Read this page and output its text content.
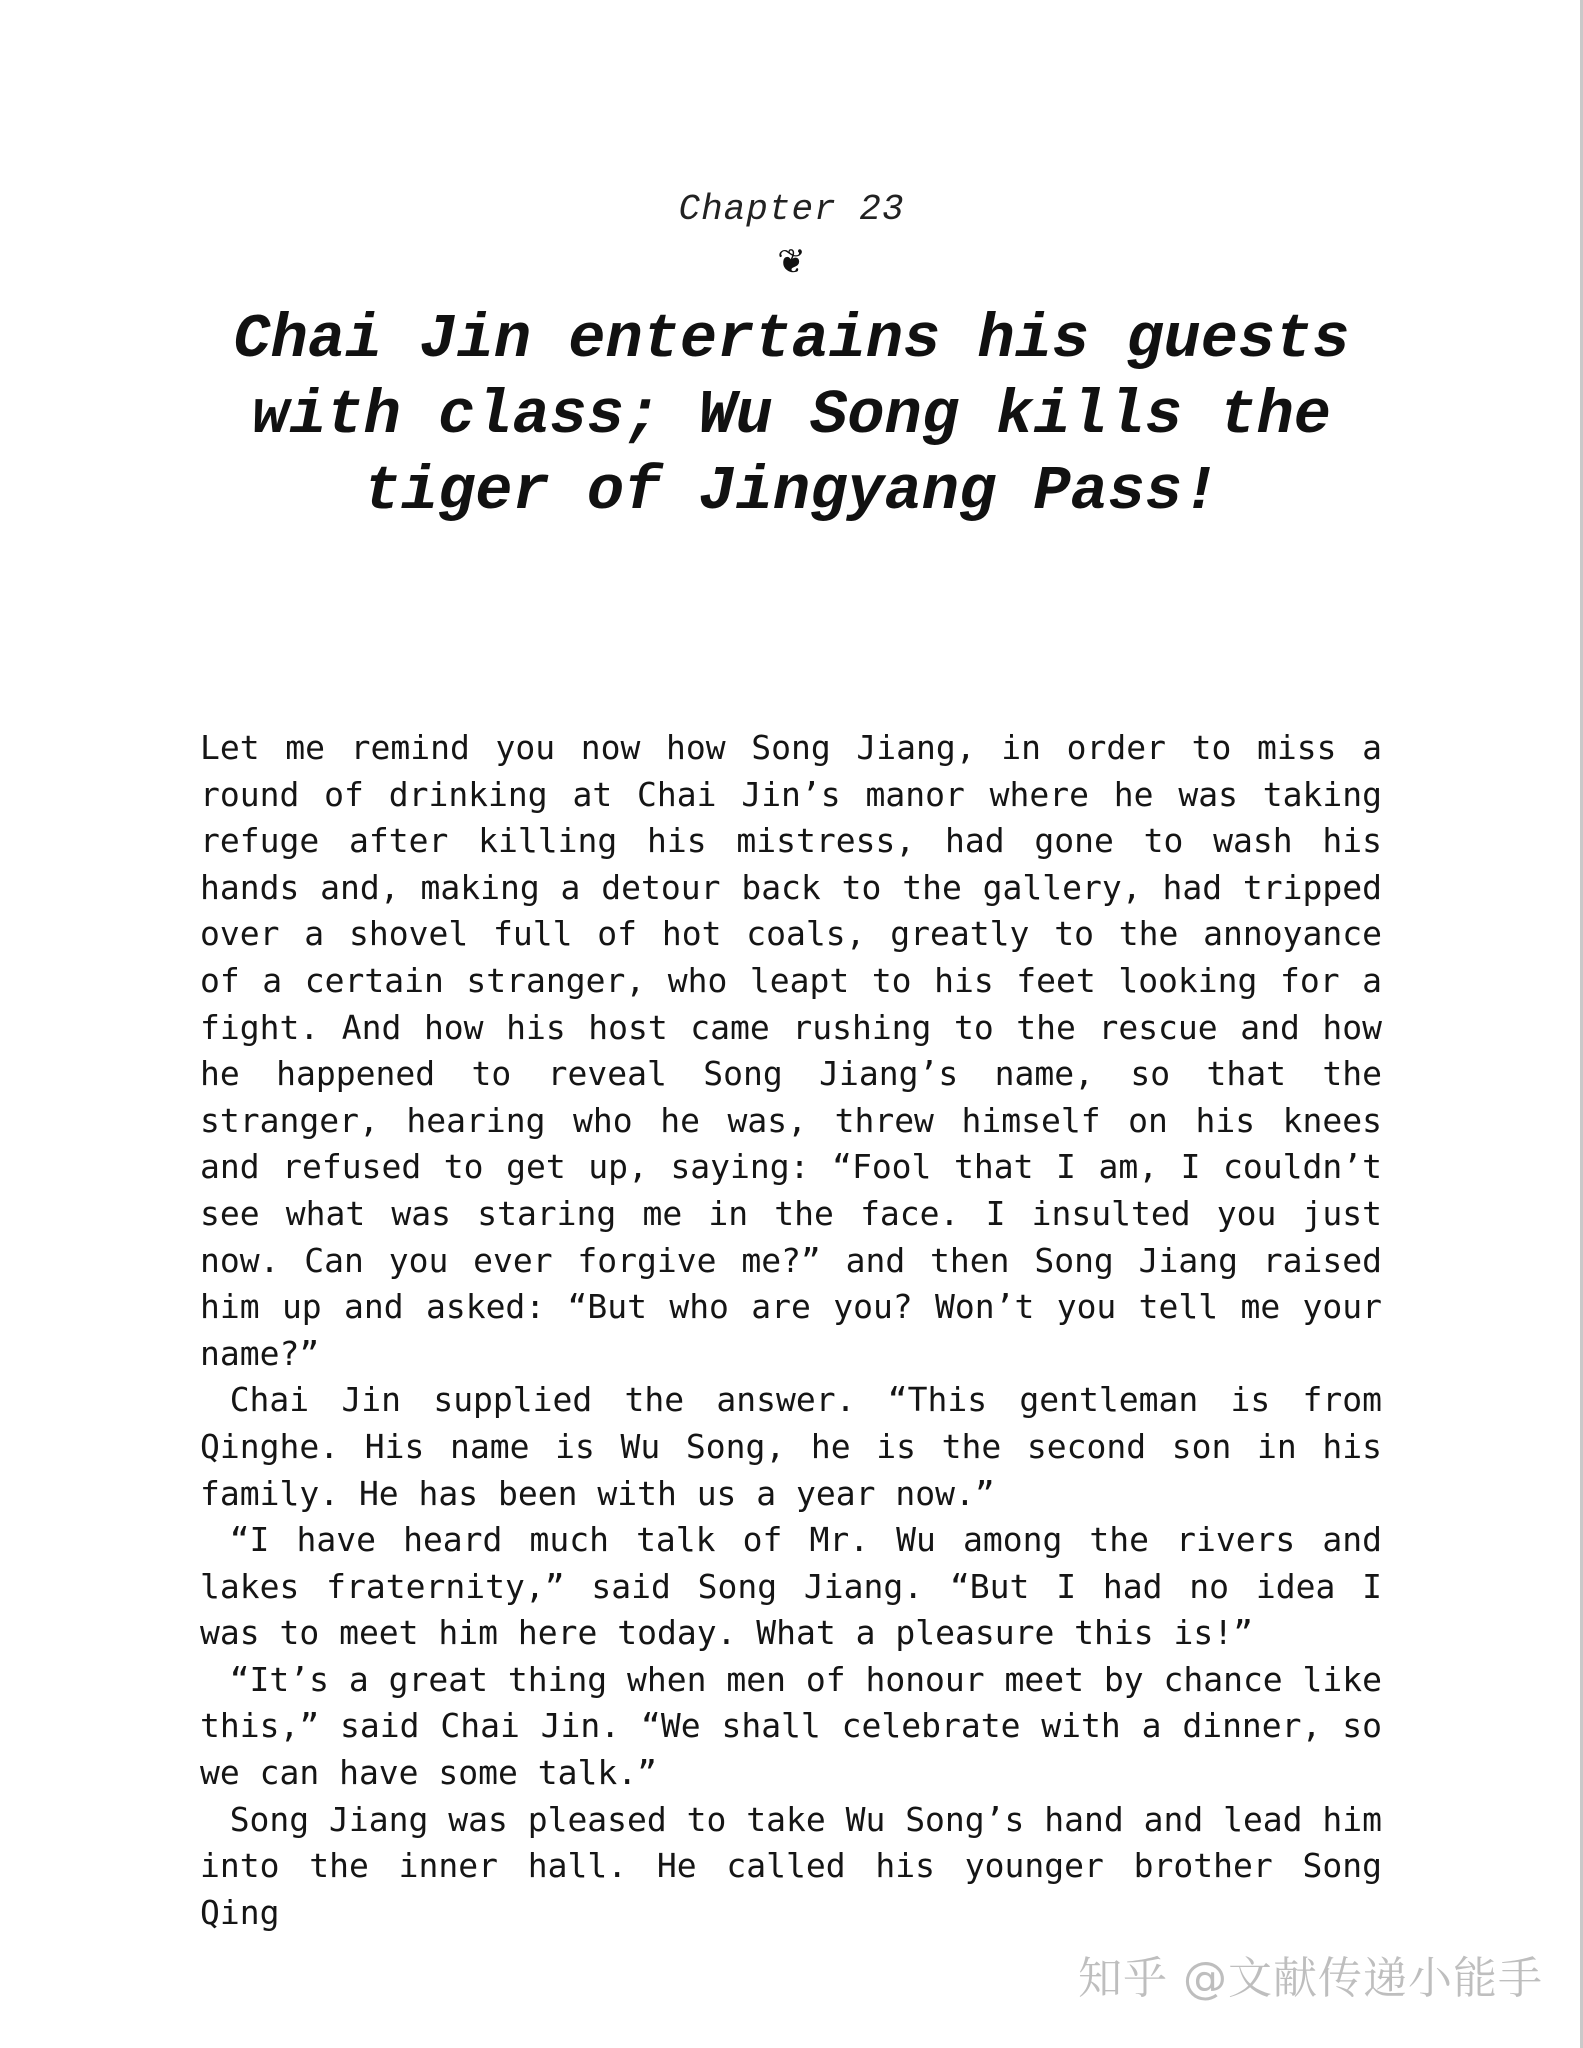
Chapter 23
❦
Chai Jin entertains his guests with class; Wu Song kills the tiger of Jingyang Pass!

Let me remind you now how Song Jiang, in order to miss a round of drinking at Chai Jin’s manor where he was taking refuge after killing his mistress, had gone to wash his hands and, making a detour back to the gallery, had tripped over a shovel full of hot coals, greatly to the annoyance of a certain stranger, who leapt to his feet looking for a fight. And how his host came rushing to the rescue and how he happened to reveal Song Jiang’s name, so that the stranger, hearing who he was, threw himself on his knees and refused to get up, saying: “Fool that I am, I couldn’t see what was staring me in the face. I insulted you just now. Can you ever forgive me?” and then Song Jiang raised him up and asked: “But who are you? Won’t you tell me your name?”

Chai Jin supplied the answer. “This gentleman is from Qinghe. His name is Wu Song, he is the second son in his family. He has been with us a year now.”

“I have heard much talk of Mr. Wu among the rivers and lakes fraternity,” said Song Jiang. “But I had no idea I was to meet him here today. What a pleasure this is!”

“It’s a great thing when men of honour meet by chance like this,” said Chai Jin. “We shall celebrate with a dinner, so we can have some talk.”

Song Jiang was pleased to take Wu Song’s hand and lead him into the inner hall. He called his younger brother Song Qing

知乎 @文献传递小能手
